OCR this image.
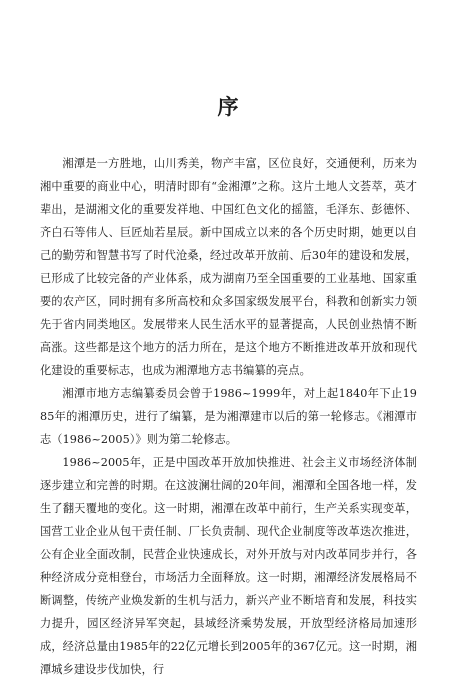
序

湘潭是一方胜地，山川秀美，物产丰富，区位良好，交通便利，历来为湘中重要的商业中心，明清时即有“金湘潭”之称。这片土地人文荟萃，英才辈出，是湖湘文化的重要发祥地、中国红色文化的摇篮，毛泽东、彭德怀、齐白石等伟人、巨匠灿若星辰。新中国成立以来的各个历史时期，她更以自己的勤劳和智慧书写了时代沧桑，经过改革开放前、后30年的建设和发展，已形成了比较完备的产业体系，成为湖南乃至全国重要的工业基地、国家重要的农产区，同时拥有多所高校和众多国家级发展平台，科教和创新实力领先于省内同类地区。发展带来人民生活水平的显著提高，人民创业热情不断高涨。这些都是这个地方的活力所在，是这个地方不断推进改革开放和现代化建设的重要标志，也成为湘潭地方志书编纂的亮点。

湘潭市地方志编纂委员会曾于1986~1999年，对上起1840年下止1985年的湘潭历史，进行了编纂，是为湘潭建市以后的第一轮修志。《湘潭市志（1986~2005）》则为第二轮修志。

1986~2005年，正是中国改革开放加快推进、社会主义市场经济体制逐步建立和完善的时期。在这波澜壮阔的20年间，湘潭和全国各地一样，发生了翻天覆地的变化。这一时期，湘潭在改革中前行，生产关系实现变革，国营工业企业从包干责任制、厂长负责制、现代企业制度等改革迭次推进，公有企业全面改制，民营企业快速成长，对外开放与对内改革同步并行，各种经济成分竞相登台，市场活力全面释放。这一时期，湘潭经济发展格局不断调整，传统产业焕发新的生机与活力，新兴产业不断培育和发展，科技实力提升，园区经济异军突起，县域经济乘势发展，开放型经济格局加速形成，经济总量由1985年的22亿元增长到2005年的367亿元。这一时期，湘潭城乡建设步伐加快，行
